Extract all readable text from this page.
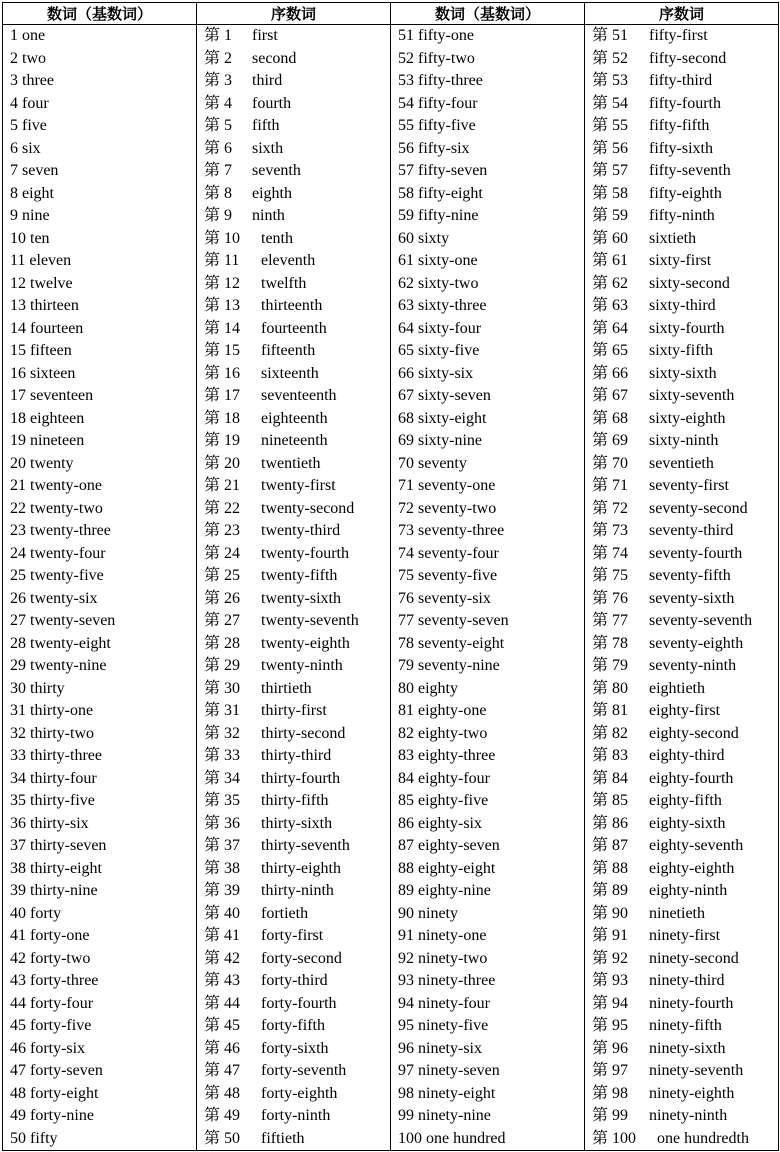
数词（基数词）	序数词	数词（基数词）	序数词
1 one	第 1 first	51 fifty-one	第 51 fifty-first
2 two	第 2 second	52 fifty-two	第 52 fifty-second
3 three	第 3 third	53 fifty-three	第 53 fifty-third
4 four	第 4 fourth	54 fifty-four	第 54 fifty-fourth
5 five	第 5 fifth	55 fifty-five	第 55 fifty-fifth
6 six	第 6 sixth	56 fifty-six	第 56 fifty-sixth
7 seven	第 7 seventh	57 fifty-seven	第 57 fifty-seventh
8 eight	第 8 eighth	58 fifty-eight	第 58 fifty-eighth
9 nine	第 9 ninth	59 fifty-nine	第 59 fifty-ninth
10 ten	第 10 tenth	60 sixty	第 60 sixtieth
11 eleven	第 11 eleventh	61 sixty-one	第 61 sixty-first
12 twelve	第 12 twelfth	62 sixty-two	第 62 sixty-second
13 thirteen	第 13 thirteenth	63 sixty-three	第 63 sixty-third
14 fourteen	第 14 fourteenth	64 sixty-four	第 64 sixty-fourth
15 fifteen	第 15 fifteenth	65 sixty-five	第 65 sixty-fifth
16 sixteen	第 16 sixteenth	66 sixty-six	第 66 sixty-sixth
17 seventeen	第 17 seventeenth	67 sixty-seven	第 67 sixty-seventh
18 eighteen	第 18 eighteenth	68 sixty-eight	第 68 sixty-eighth
19 nineteen	第 19 nineteenth	69 sixty-nine	第 69 sixty-ninth
20 twenty	第 20 twentieth	70 seventy	第 70 seventieth
21 twenty-one	第 21 twenty-first	71 seventy-one	第 71 seventy-first
22 twenty-two	第 22 twenty-second	72 seventy-two	第 72 seventy-second
23 twenty-three	第 23 twenty-third	73 seventy-three	第 73 seventy-third
24 twenty-four	第 24 twenty-fourth	74 seventy-four	第 74 seventy-fourth
25 twenty-five	第 25 twenty-fifth	75 seventy-five	第 75 seventy-fifth
26 twenty-six	第 26 twenty-sixth	76 seventy-six	第 76 seventy-sixth
27 twenty-seven	第 27 twenty-seventh	77 seventy-seven	第 77 seventy-seventh
28 twenty-eight	第 28 twenty-eighth	78 seventy-eight	第 78 seventy-eighth
29 twenty-nine	第 29 twenty-ninth	79 seventy-nine	第 79 seventy-ninth
30 thirty	第 30 thirtieth	80 eighty	第 80 eightieth
31 thirty-one	第 31 thirty-first	81 eighty-one	第 81 eighty-first
32 thirty-two	第 32 thirty-second	82 eighty-two	第 82 eighty-second
33 thirty-three	第 33 thirty-third	83 eighty-three	第 83 eighty-third
34 thirty-four	第 34 thirty-fourth	84 eighty-four	第 84 eighty-fourth
35 thirty-five	第 35 thirty-fifth	85 eighty-five	第 85 eighty-fifth
36 thirty-six	第 36 thirty-sixth	86 eighty-six	第 86 eighty-sixth
37 thirty-seven	第 37 thirty-seventh	87 eighty-seven	第 87 eighty-seventh
38 thirty-eight	第 38 thirty-eighth	88 eighty-eight	第 88 eighty-eighth
39 thirty-nine	第 39 thirty-ninth	89 eighty-nine	第 89 eighty-ninth
40 forty	第 40 fortieth	90 ninety	第 90 ninetieth
41 forty-one	第 41 forty-first	91 ninety-one	第 91 ninety-first
42 forty-two	第 42 forty-second	92 ninety-two	第 92 ninety-second
43 forty-three	第 43 forty-third	93 ninety-three	第 93 ninety-third
44 forty-four	第 44 forty-fourth	94 ninety-four	第 94 ninety-fourth
45 forty-five	第 45 forty-fifth	95 ninety-five	第 95 ninety-fifth
46 forty-six	第 46 forty-sixth	96 ninety-six	第 96 ninety-sixth
47 forty-seven	第 47 forty-seventh	97 ninety-seven	第 97 ninety-seventh
48 forty-eight	第 48 forty-eighth	98 ninety-eight	第 98 ninety-eighth
49 forty-nine	第 49 forty-ninth	99 ninety-nine	第 99 ninety-ninth
50 fifty	第 50 fiftieth	100 one hundred	第 100 one hundredth
